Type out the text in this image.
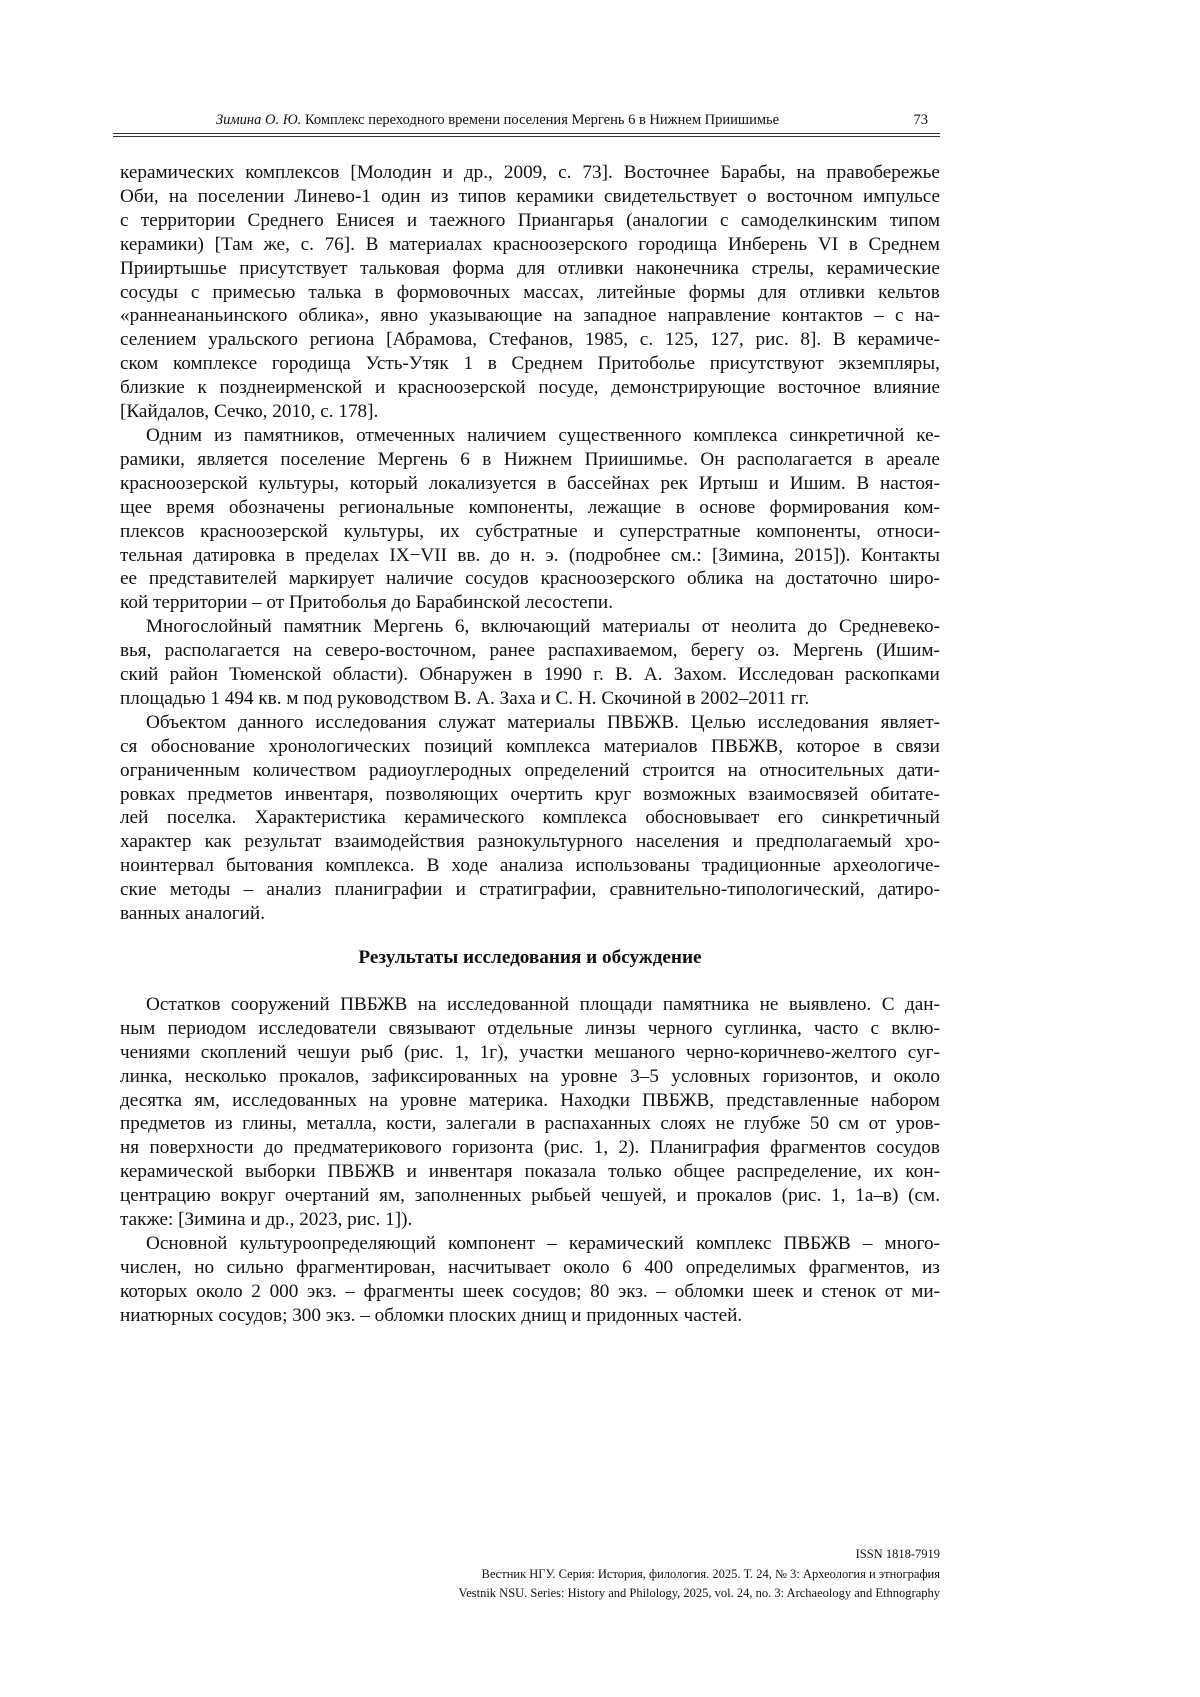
Зимина О. Ю. Комплекс переходного времени поселения Мергень 6 в Нижнем Приишимье	73
керамических комплексов [Молодин и др., 2009, с. 73]. Восточнее Барабы, на правобережье
Оби, на поселении Линево-1 один из типов керамики свидетельствует о восточном импульсе
с территории Среднего Енисея и таежного Приангарья (аналогии с самоделкинским типом
керамики) [Там же, с. 76]. В материалах красноозерского городища Инберень VI в Среднем
Прииртышье присутствует тальковая форма для отливки наконечника стрелы, керамические
сосуды с примесью талька в формовочных массах, литейные формы для отливки кельтов
«раннеананьинского облика», явно указывающие на западное направление контактов – с на-
селением уральского региона [Абрамова, Стефанов, 1985, с. 125, 127, рис. 8]. В керамиче-
ском комплексе городища Усть-Утяк 1 в Среднем Притоболье присутствуют экземпляры,
близкие к позднеирменской и красноозерской посуде, демонстрирующие восточное влияние
[Кайдалов, Сечко, 2010, с. 178].
Одним из памятников, отмеченных наличием существенного комплекса синкретичной ке-
рамики, является поселение Мергень 6 в Нижнем Приишимье. Он располагается в ареале
красноозерской культуры, который локализуется в бассейнах рек Иртыш и Ишим. В настоя-
щее время обозначены региональные компоненты, лежащие в основе формирования ком-
плексов красноозерской культуры, их субстратные и суперстратные компоненты, относи-
тельная датировка в пределах IX−VII вв. до н. э. (подробнее см.: [Зимина, 2015]). Контакты
ее представителей маркирует наличие сосудов красноозерского облика на достаточно широ-
кой территории – от Притоболья до Барабинской лесостепи.
Многослойный памятник Мергень 6, включающий материалы от неолита до Средневеко-
вья, располагается на северо-восточном, ранее распахиваемом, берегу оз. Мергень (Ишим-
ский район Тюменской области). Обнаружен в 1990 г. В. А. Захом. Исследован раскопками
площадью 1 494 кв. м под руководством В. А. Заха и С. Н. Скочиной в 2002–2011 гг.
Объектом данного исследования служат материалы ПВБЖВ. Целью исследования являет-
ся обоснование хронологических позиций комплекса материалов ПВБЖВ, которое в связи
ограниченным количеством радиоуглеродных определений строится на относительных дати-
ровках предметов инвентаря, позволяющих очертить круг возможных взаимосвязей обитате-
лей поселка. Характеристика керамического комплекса обосновывает его синкретичный
характер как результат взаимодействия разнокультурного населения и предполагаемый хро-
ноинтервал бытования комплекса. В ходе анализа использованы традиционные археологиче-
ские методы – анализ планиграфии и стратиграфии, сравнительно-типологический, датиро-
ванных аналогий.
Результаты исследования и обсуждение
Остатков сооружений ПВБЖВ на исследованной площади памятника не выявлено. С дан-
ным периодом исследователи связывают отдельные линзы черного суглинка, часто с вклю-
чениями скоплений чешуи рыб (рис. 1, 1г), участки мешаного черно-коричнево-желтого суг-
линка, несколько прокалов, зафиксированных на уровне 3–5 условных горизонтов, и около
десятка ям, исследованных на уровне материка. Находки ПВБЖВ, представленные набором
предметов из глины, металла, кости, залегали в распаханных слоях не глубже 50 см от уров-
ня поверхности до предматерикового горизонта (рис. 1, 2). Планиграфия фрагментов сосудов
керамической выборки ПВБЖВ и инвентаря показала только общее распределение, их кон-
центрацию вокруг очертаний ям, заполненных рыбьей чешуей, и прокалов (рис. 1, 1а–в) (см.
также: [Зимина и др., 2023, рис. 1]).
Основной культуроопределяющий компонент – керамический комплекс ПВБЖВ – много-
числен, но сильно фрагментирован, насчитывает около 6 400 определимых фрагментов, из
которых около 2 000 экз. – фрагменты шеек сосудов; 80 экз. – обломки шеек и стенок от ми-
ниатюрных сосудов; 300 экз. – обломки плоских днищ и придонных частей.
ISSN 1818-7919
Вестник НГУ. Серия: История, филология. 2025. Т. 24, № 3: Археология и этнография
Vestnik NSU. Series: History and Philology, 2025, vol. 24, no. 3: Archaeology and Ethnography
